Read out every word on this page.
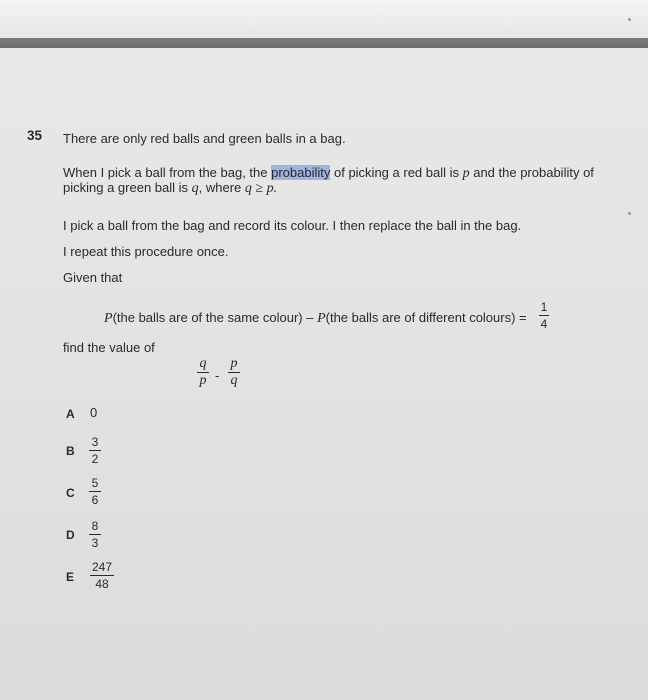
35 There are only red balls and green balls in a bag.
When I pick a ball from the bag, the probability of picking a red ball is p and the probability of
picking a green ball is q, where q ≥ p.
I pick a ball from the bag and record its colour. I then replace the ball in the bag.
I repeat this procedure once.
Given that
P(the balls are of the same colour) – P(the balls are of different colours) =
1
4
find the value of
q
p -
p
q
A 0
B
3
2
C
5
6
D
8
3
E
247
48
